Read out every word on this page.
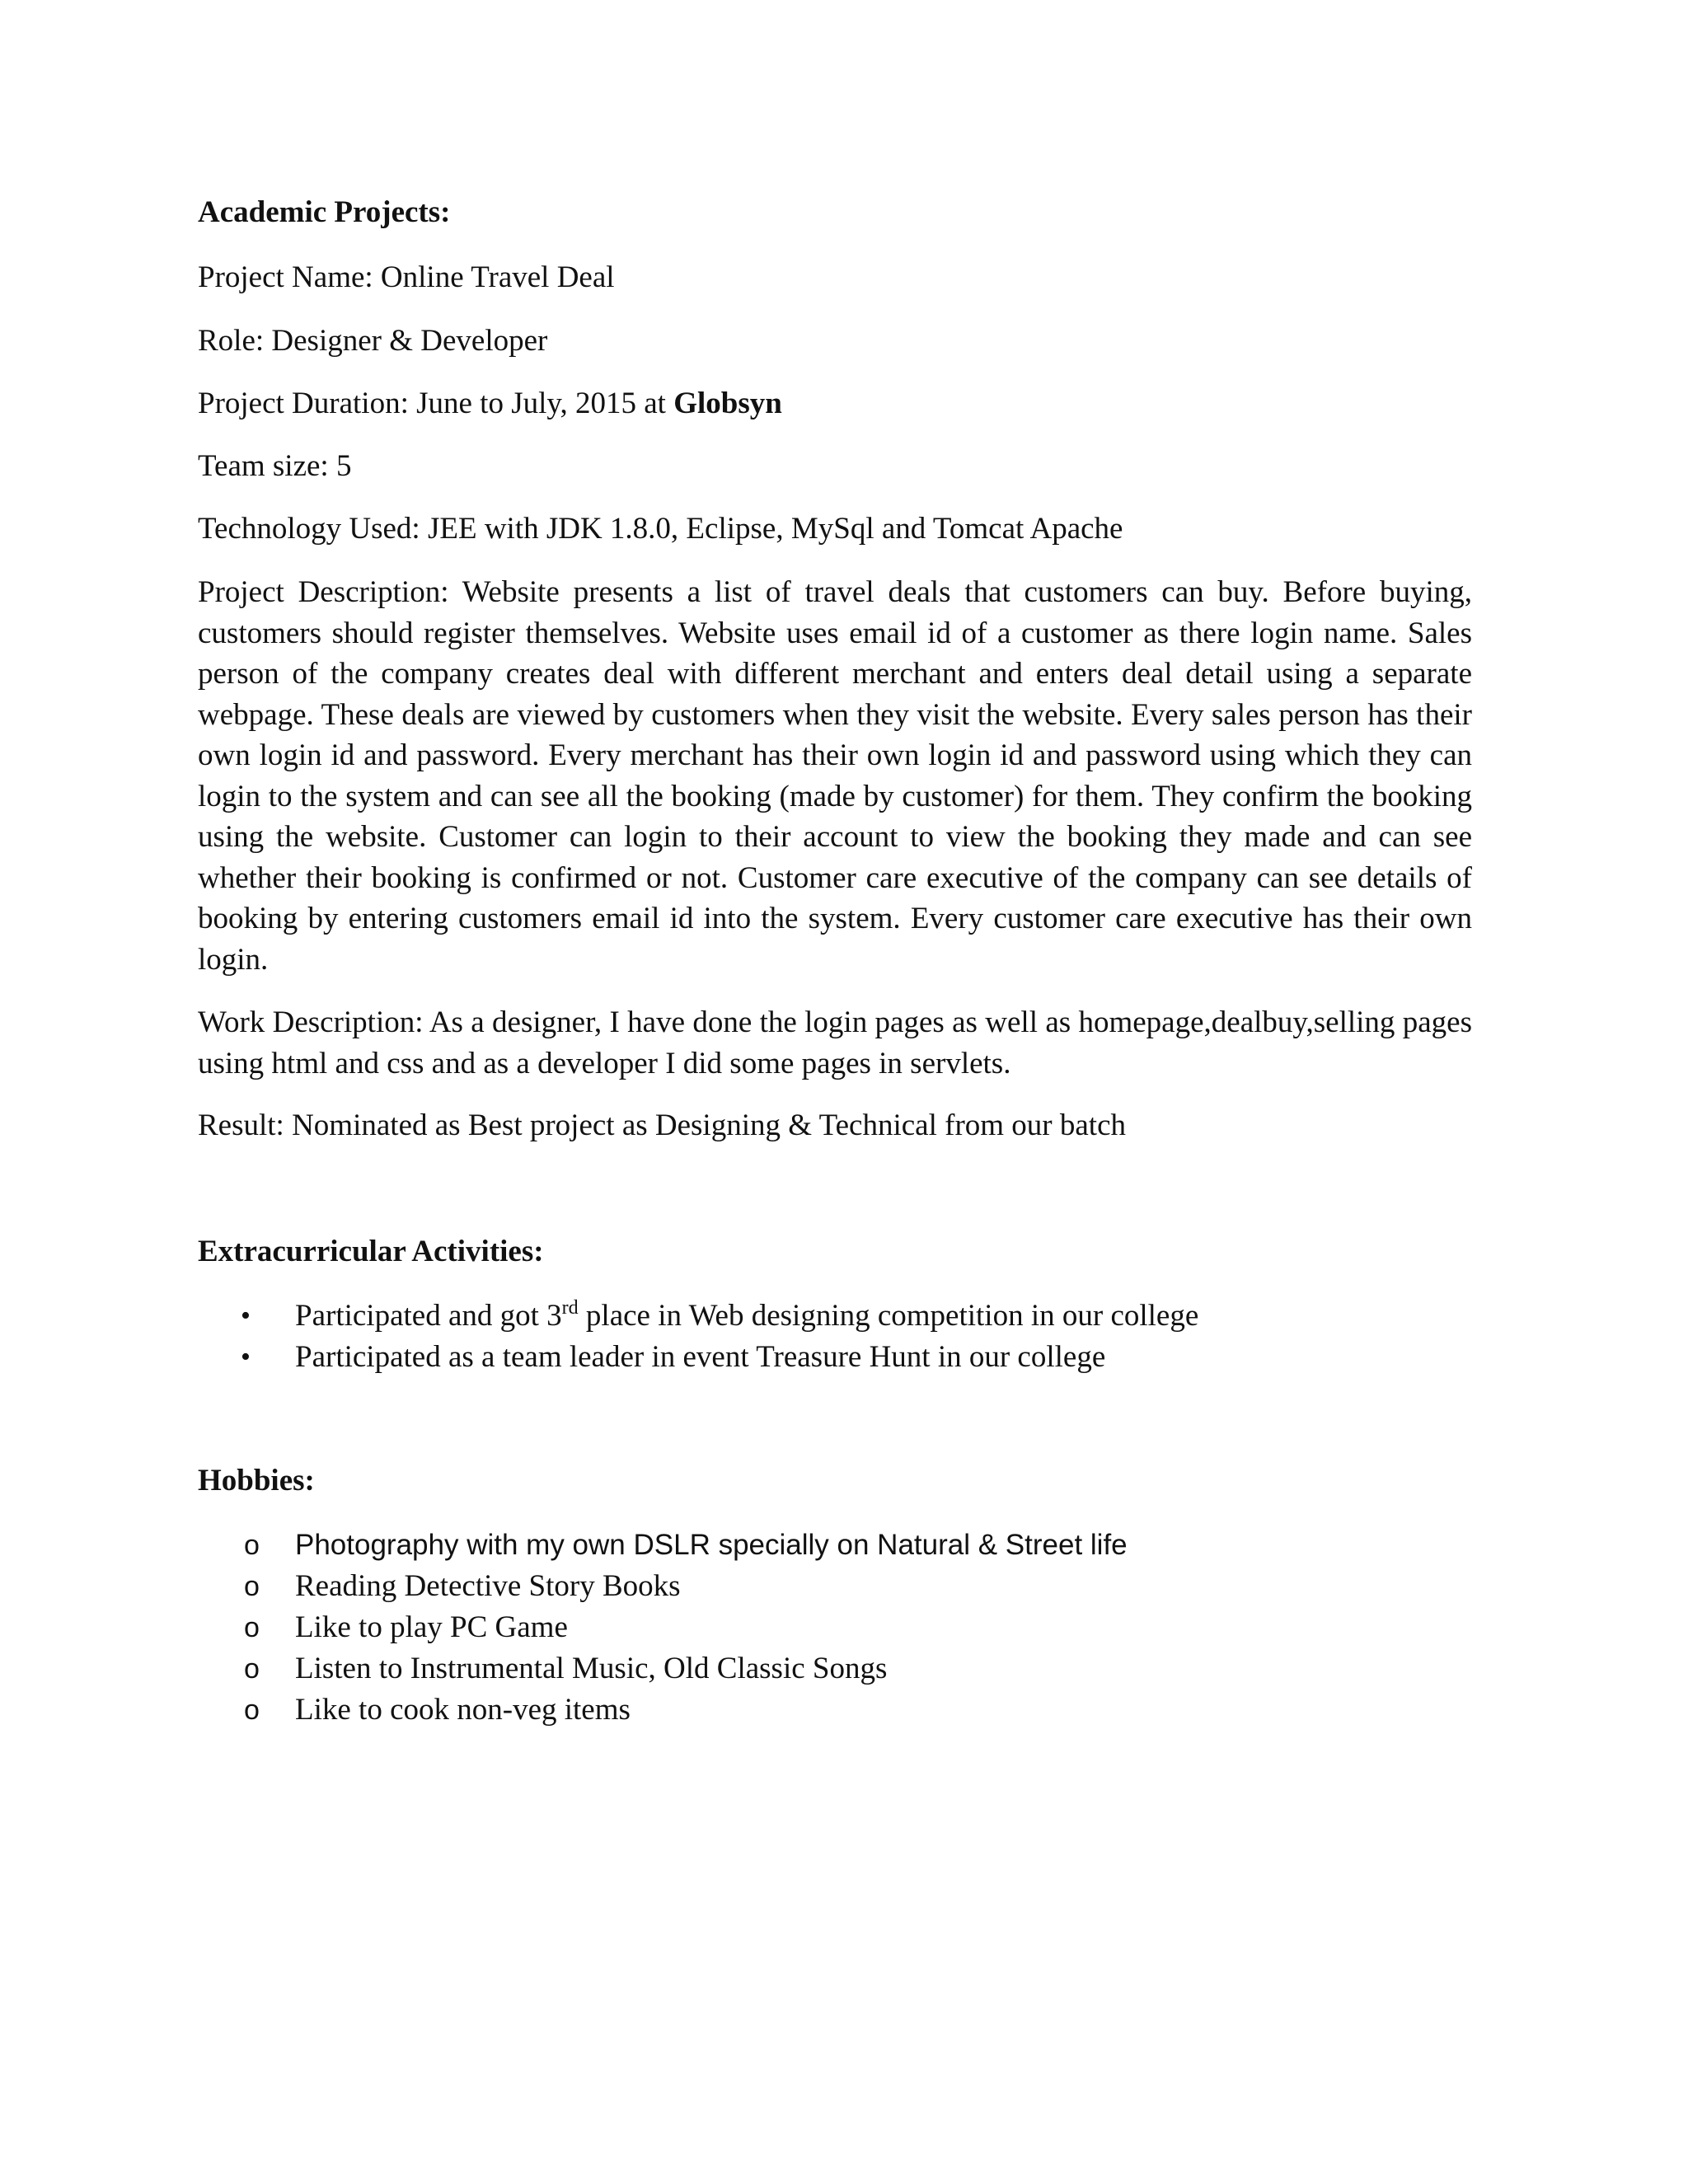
Academic Projects:
Project Name: Online Travel Deal
Role: Designer & Developer
Project Duration: June to July, 2015 at Globsyn
Team size: 5
Technology Used: JEE with JDK 1.8.0, Eclipse, MySql and Tomcat Apache
Project Description: Website presents a list of travel deals that customers can buy. Before buying, customers should register themselves. Website uses email id of a customer as there login name. Sales person of the company creates deal with different merchant and enters deal detail using a separate webpage. These deals are viewed by customers when they visit the website. Every sales person has their own login id and password. Every merchant has their own login id and password using which they can login to the system and can see all the booking (made by customer) for them. They confirm the booking using the website. Customer can login to their account to view the booking they made and can see whether their booking is confirmed or not. Customer care executive of the company can see details of booking by entering customers email id into the system. Every customer care executive has their own login.
Work Description: As a designer, I have done the login pages as well as homepage,dealbuy,selling pages using html and css and as a developer I did some pages in servlets.
Result: Nominated as Best project as Designing & Technical from our batch
Extracurricular Activities:
• Participated and got 3rd place in Web designing competition in our college
• Participated as a team leader in event Treasure Hunt in our college
Hobbies:
o Photography with my own DSLR specially on Natural & Street life
o Reading Detective Story Books
o Like to play PC Game
o Listen to Instrumental Music, Old Classic Songs
o Like to cook non-veg items
